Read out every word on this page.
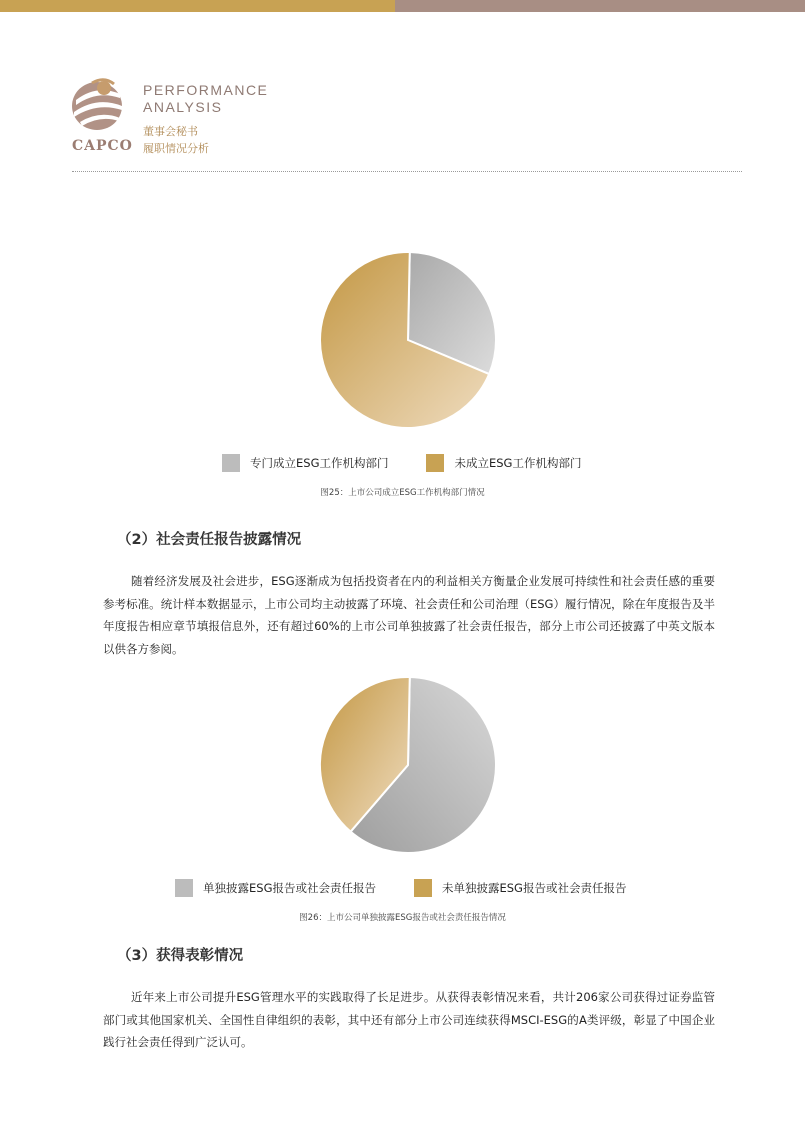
CAPCO
PERFORMANCE
ANALYSIS
董事会秘书
履职情况分析
专门成立ESG工作机构部门	未成立ESG工作机构部门
图25：上市公司成立ESG工作机构部门情况
（2）社会责任报告披露情况
随着经济发展及社会进步，ESG逐渐成为包括投资者在内的利益相关方衡量企业发展可持续性和社会责任感的重要参考标准。统计样本数据显示，上市公司均主动披露了环境、社会责任和公司治理（ESG）履行情况，除在年度报告及半年度报告相应章节填报信息外，还有超过60%的上市公司单独披露了社会责任报告，部分上市公司还披露了中英文版本以供各方参阅。
单独披露ESG报告或社会责任报告	未单独披露ESG报告或社会责任报告
图26：上市公司单独披露ESG报告或社会责任报告情况
（3）获得表彰情况
近年来上市公司提升ESG管理水平的实践取得了长足进步。从获得表彰情况来看，共计206家公司获得过证券监管部门或其他国家机关、全国性自律组织的表彰，其中还有部分上市公司连续获得MSCI-ESG的A类评级，彰显了中国企业践行社会责任得到广泛认可。
